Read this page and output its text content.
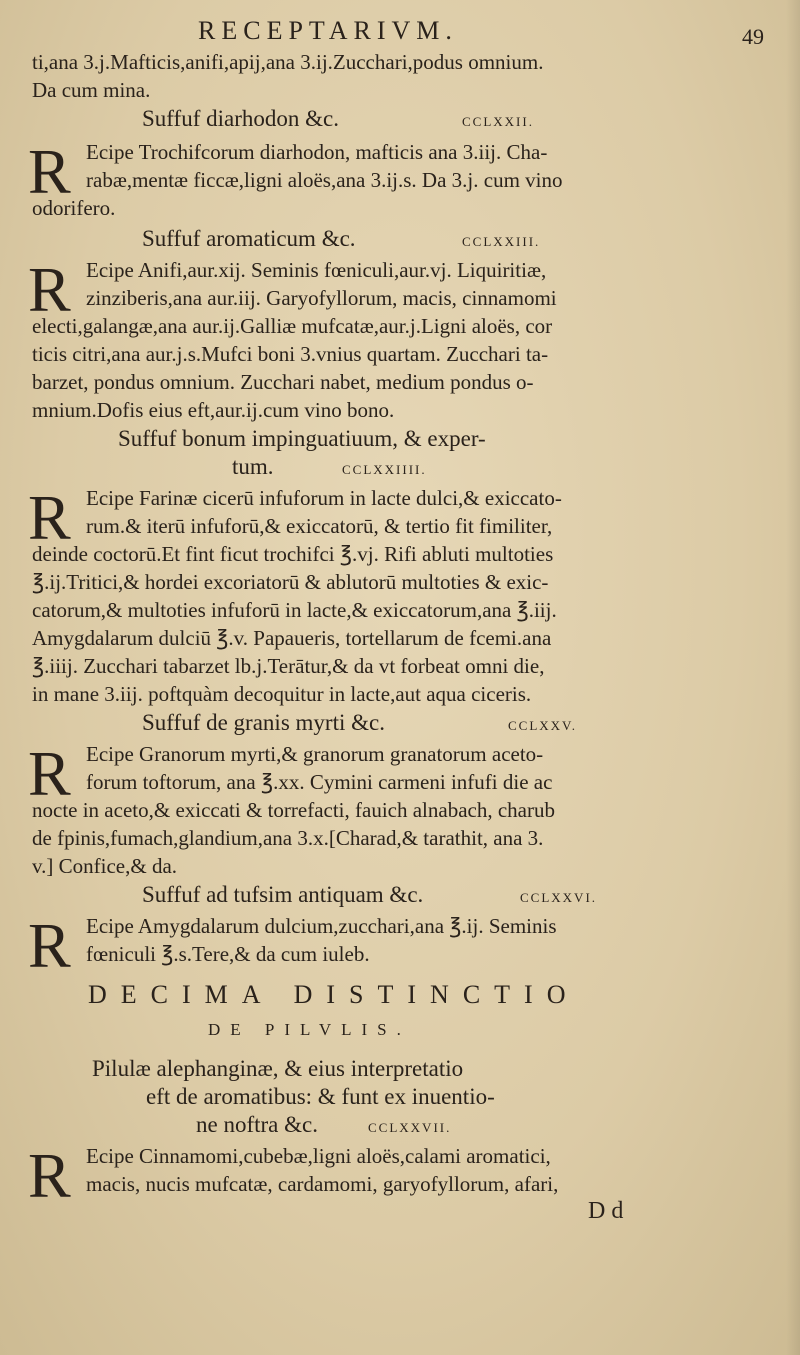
RECEPTARIVM.	49
ti,ana 3.j.Mafticis,anifi,apij,ana 3.ij.Zucchari,podus omnium.
Da cum mina.
Suffuf diarhodon &c.	CCLXXII.
R Ecipe Trochifcorum diarhodon, mafticis ana 3.iij. Cha-
rabæ,mentæ ficcæ,ligni aloës,ana 3.ij.s. Da 3.j. cum vino
odorifero.
Suffuf aromaticum &c.	CCLXXIII.
R Ecipe Anifi,aur.xij. Seminis fœniculi,aur.vj. Liquiritiæ,
zinziberis,ana aur.iij. Garyofyllorum, macis, cinnamomi
electi,galangæ,ana aur.ij.Galliæ mufcatæ,aur.j.Ligni aloës, cor
ticis citri,ana aur.j.s.Mufci boni 3.vnius quartam. Zucchari ta-
barzet, pondus omnium. Zucchari nabet, medium pondus o-
mnium.Dofis eius eft,aur.ij.cum vino bono.
Suffuf bonum impinguatiuum, & exper-
tum.	CCLXXIIII.
R Ecipe Farinæ cicerū infuforum in lacte dulci,& exiccato-
rum.& iterū infuforū,& exiccatorū, & tertio fit fimiliter,
deinde coctorū.Et fint ficut trochifci ℥.vj. Rifi abluti multoties
℥.ij.Tritici,& hordei excoriatorū & ablutorū multoties & exic-
catorum,& multoties infuforū in lacte,& exiccatorum,ana ℥.iij.
Amygdalarum dulciū ℥.v. Papaueris, tortellarum de fcemi.ana
℥.iiij. Zucchari tabarzet lb.j.Terātur,& da vt forbeat omni die,
in mane 3.iij. poftquàm decoquitur in lacte,aut aqua ciceris.
Suffuf de granis myrti &c.	CCLXXV.
R Ecipe Granorum myrti,& granorum granatorum aceto-
forum toftorum, ana ℥.xx. Cymini carmeni infufi die ac
nocte in aceto,& exiccati & torrefacti, fauich alnabach, charub
de fpinis,fumach,glandium,ana 3.x.[Charad,& tarathit, ana 3.
v.] Confice,& da.
Suffuf ad tufsim antiquam &c.	CCLXXVI.
R Ecipe Amygdalarum dulcium,zucchari,ana ℥.ij. Seminis
fœniculi ℥.s.Tere,& da cum iuleb.
DECIMA DISTINCTIO
DE PILVLIS.
Pilulæ alephanginæ, & eius interpretatio
eft de aromatibus: & funt ex inuentio-
ne noftra &c.	CCLXXVII.
R Ecipe Cinnamomi,cubebæ,ligni aloës,calami aromatici,
macis, nucis mufcatæ, cardamomi, garyofyllorum, afari,
D d
